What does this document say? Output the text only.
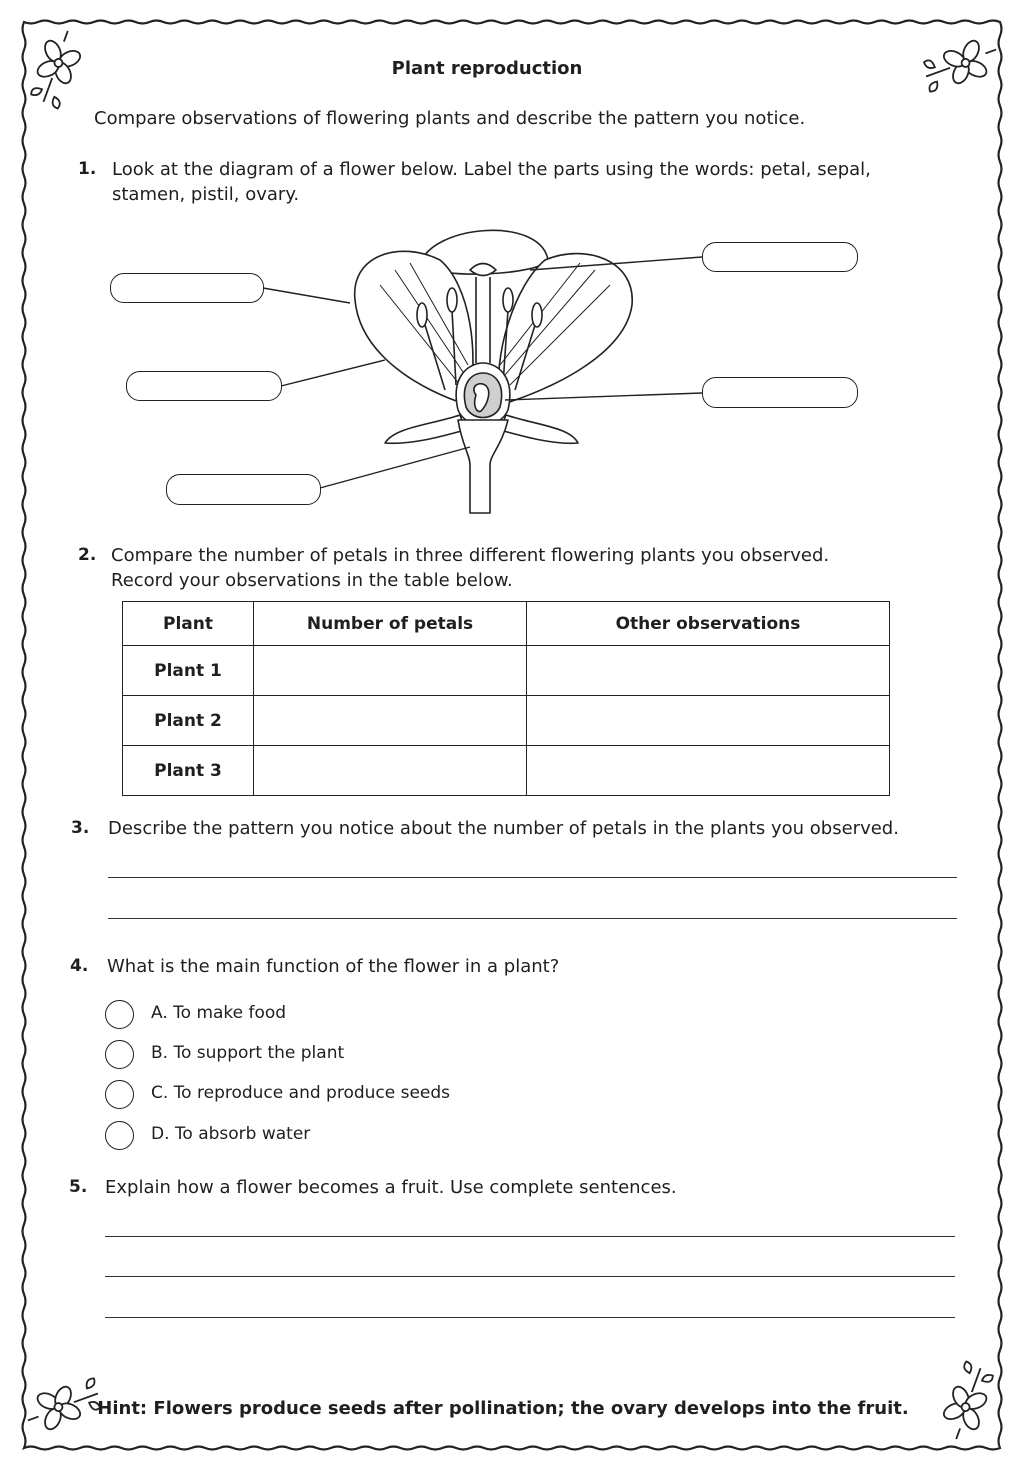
Plant reproduction
Compare observations of flowering plants and describe the pattern you notice.
1. Look at the diagram of a flower below. Label the parts using the words: petal, sepal,
stamen, pistil, ovary.
2. Compare the number of petals in three different flowering plants you observed.
Record your observations in the table below.
Plant	Number of petals	Other observations
Plant 1		
Plant 2		
Plant 3		
3. Describe the pattern you notice about the number of petals in the plants you observed.
4. What is the main function of the flower in a plant?
A. To make food
B. To support the plant
C. To reproduce and produce seeds
D. To absorb water
5. Explain how a flower becomes a fruit. Use complete sentences.
Hint: Flowers produce seeds after pollination; the ovary develops into the fruit.
